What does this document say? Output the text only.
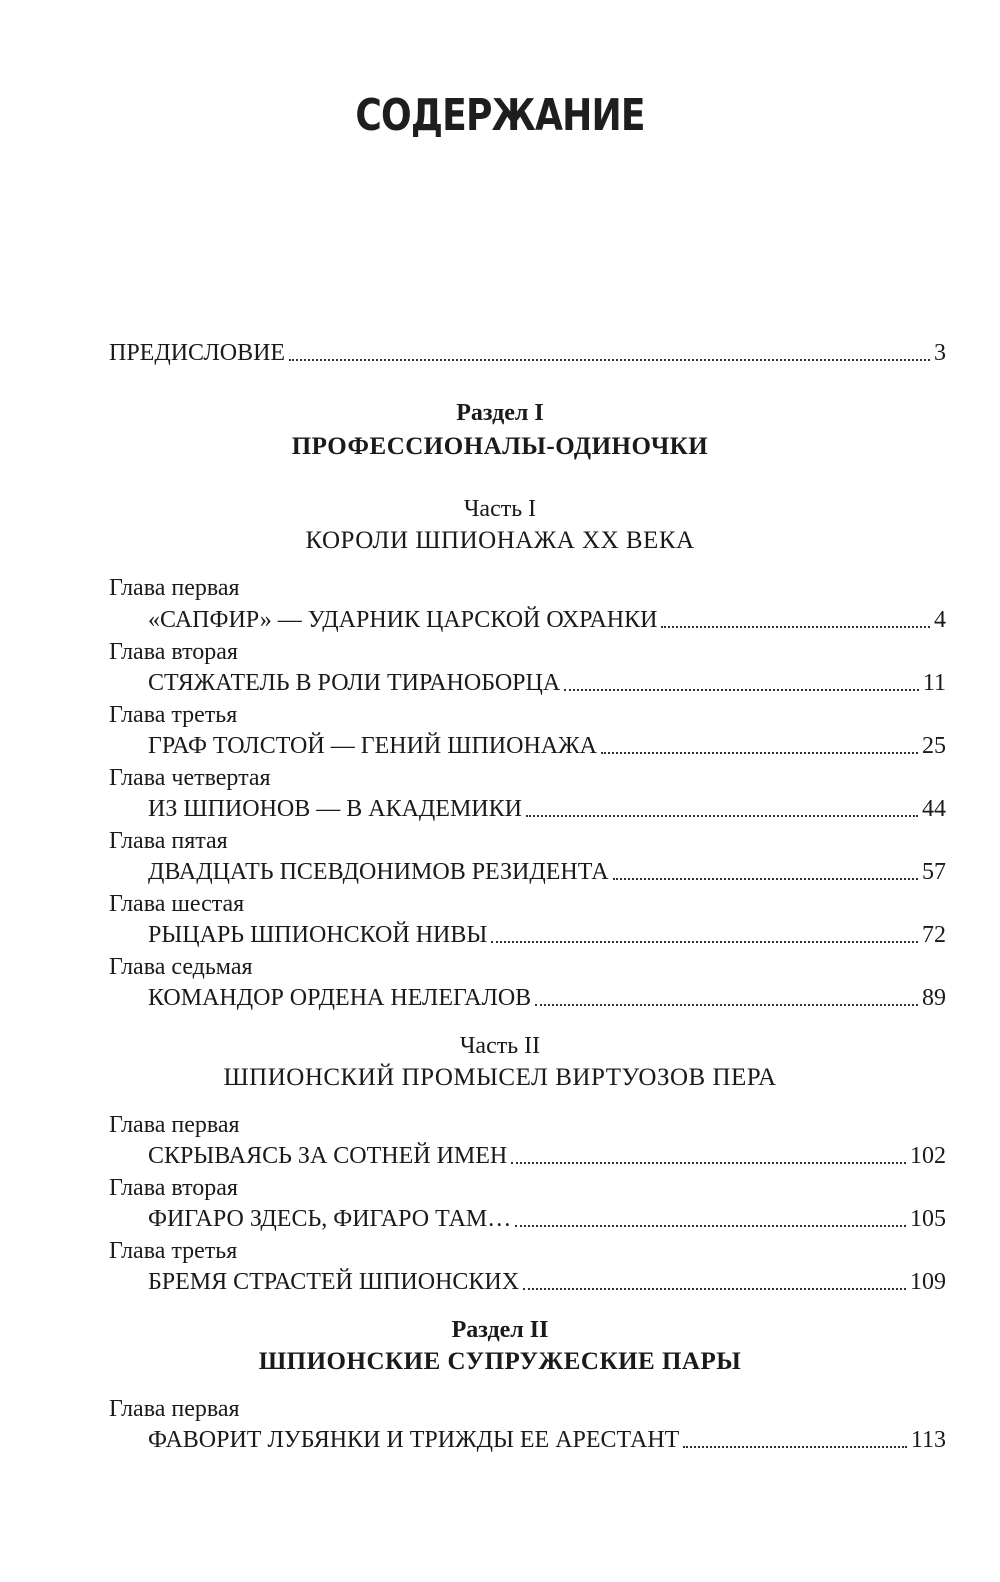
СОДЕРЖАНИЕ
ПРЕДИСЛОВИЕ	3
Раздел I
ПРОФЕССИОНАЛЫ-ОДИНОЧКИ
Часть I
КОРОЛИ ШПИОНАЖА XX ВЕКА
Глава первая
«САПФИР» — УДАРНИК ЦАРСКОЙ ОХРАНКИ	4
Глава вторая
СТЯЖАТЕЛЬ В РОЛИ ТИРАНОБОРЦА	11
Глава третья
ГРАФ ТОЛСТОЙ — ГЕНИЙ ШПИОНАЖА	25
Глава четвертая
ИЗ ШПИОНОВ — В АКАДЕМИКИ	44
Глава пятая
ДВАДЦАТЬ ПСЕВДОНИМОВ РЕЗИДЕНТА	57
Глава шестая
РЫЦАРЬ ШПИОНСКОЙ НИВЫ	72
Глава седьмая
КОМАНДОР ОРДЕНА НЕЛЕГАЛОВ	89
Часть II
ШПИОНСКИЙ ПРОМЫСЕЛ ВИРТУОЗОВ ПЕРА
Глава первая
СКРЫВАЯСЬ ЗА СОТНЕЙ ИМЕН	102
Глава вторая
ФИГАРО ЗДЕСЬ, ФИГАРО ТАМ…	105
Глава третья
БРЕМЯ СТРАСТЕЙ ШПИОНСКИХ	109
Раздел II
ШПИОНСКИЕ СУПРУЖЕСКИЕ ПАРЫ
Глава первая
ФАВОРИТ ЛУБЯНКИ И ТРИЖДЫ ЕЕ АРЕСТАНТ	113
